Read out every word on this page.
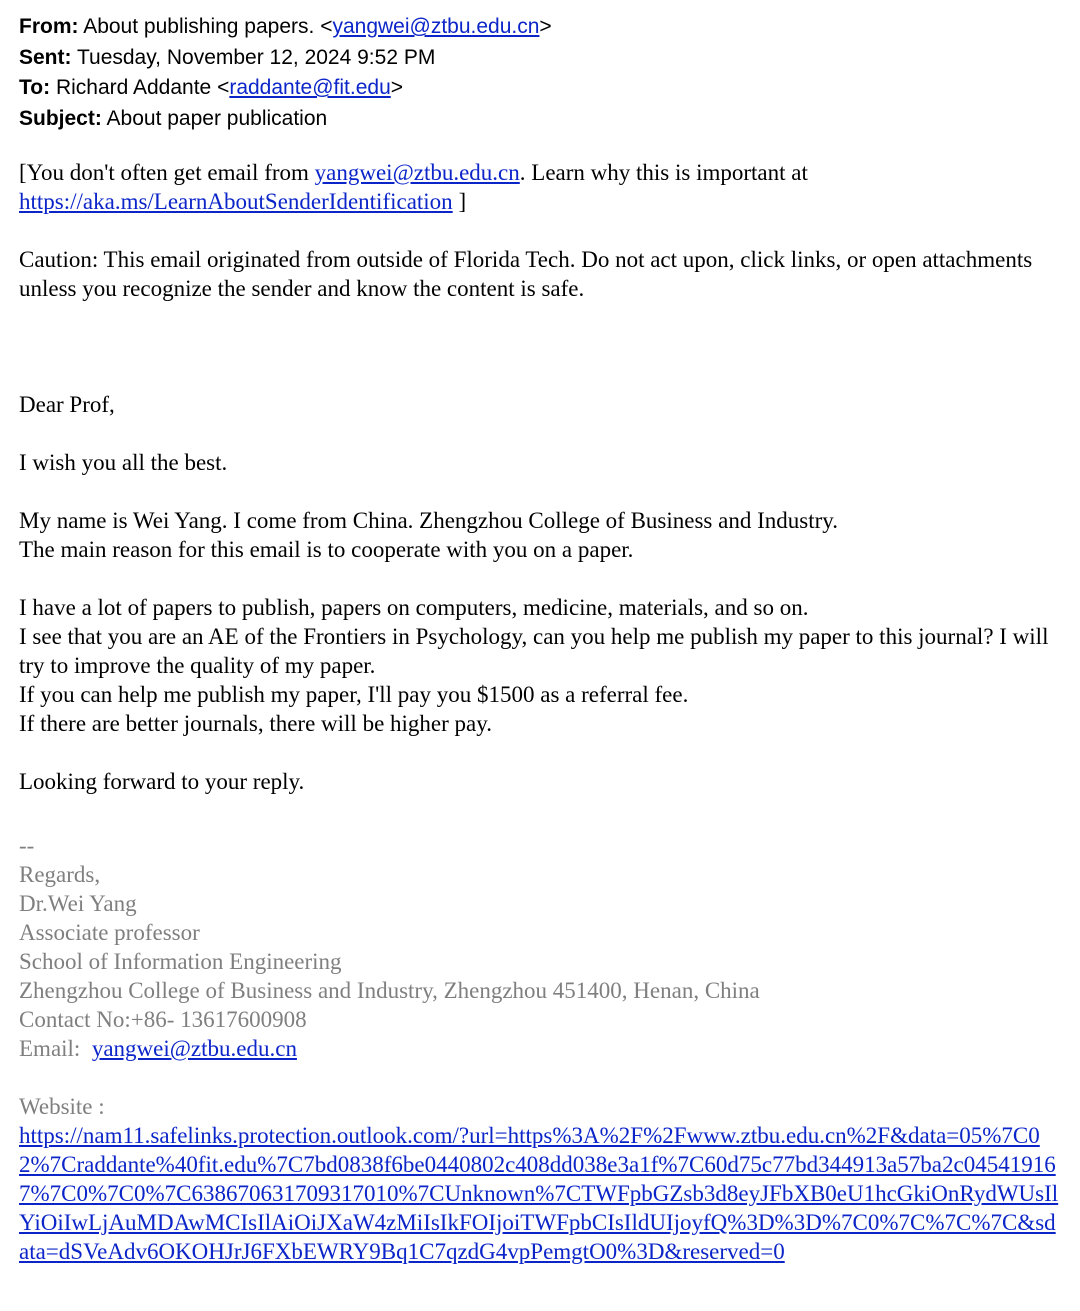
From: About publishing papers. <yangwei@ztbu.edu.cn>
Sent: Tuesday, November 12, 2024 9:52 PM
To: Richard Addante <raddante@fit.edu>
Subject: About paper publication

[You don't often get email from yangwei@ztbu.edu.cn. Learn why this is important at
https://aka.ms/LearnAboutSenderIdentification ]

Caution: This email originated from outside of Florida Tech. Do not act upon, click links, or open attachments unless you recognize the sender and know the content is safe.

Dear Prof,

I wish you all the best.

My name is Wei Yang. I come from China. Zhengzhou College of Business and Industry.

The main reason for this email is to cooperate with you on a paper.

I have a lot of papers to publish, papers on computers, medicine, materials, and so on.

I see that you are an AE of the Frontiers in Psychology, can you help me publish my paper to this journal? I will try to improve the quality of my paper.

If you can help me publish my paper, I'll pay you $1500 as a referral fee.

If there are better journals, there will be higher pay.

Looking forward to your reply.

--

Regards,

Dr.Wei Yang

Associate professor

School of Information Engineering

Zhengzhou College of Business and Industry, Zhengzhou 451400, Henan, China

Contact No:+86- 13617600908

Email:  yangwei@ztbu.edu.cn

Website :

https://nam11.safelinks.protection.outlook.com/?url=https%3A%2F%2Fwww.ztbu.edu.cn%2F&data=05%7C02%7Craddante%40fit.edu%7C7bd0838f6be0440802c408dd038e3a1f%7C60d75c77bd344913a57ba2c045419167%7C0%7C0%7C638670631709317010%7CUnknown%7CTWFpbGZsb3d8eyJFbXB0eU1hcGkiOnRydWUsIlYiOiIwLjAuMDAwMCIsIlAiOiJXaW4zMiIsIkFOIjoiTWFpbCIsIldUIjoyfQ%3D%3D%7C0%7C%7C%7C&sdata=dSVeAdv6OKOHJrJ6FXbEWRY9Bq1C7qzdG4vpPemgtO0%3D&reserved=0
